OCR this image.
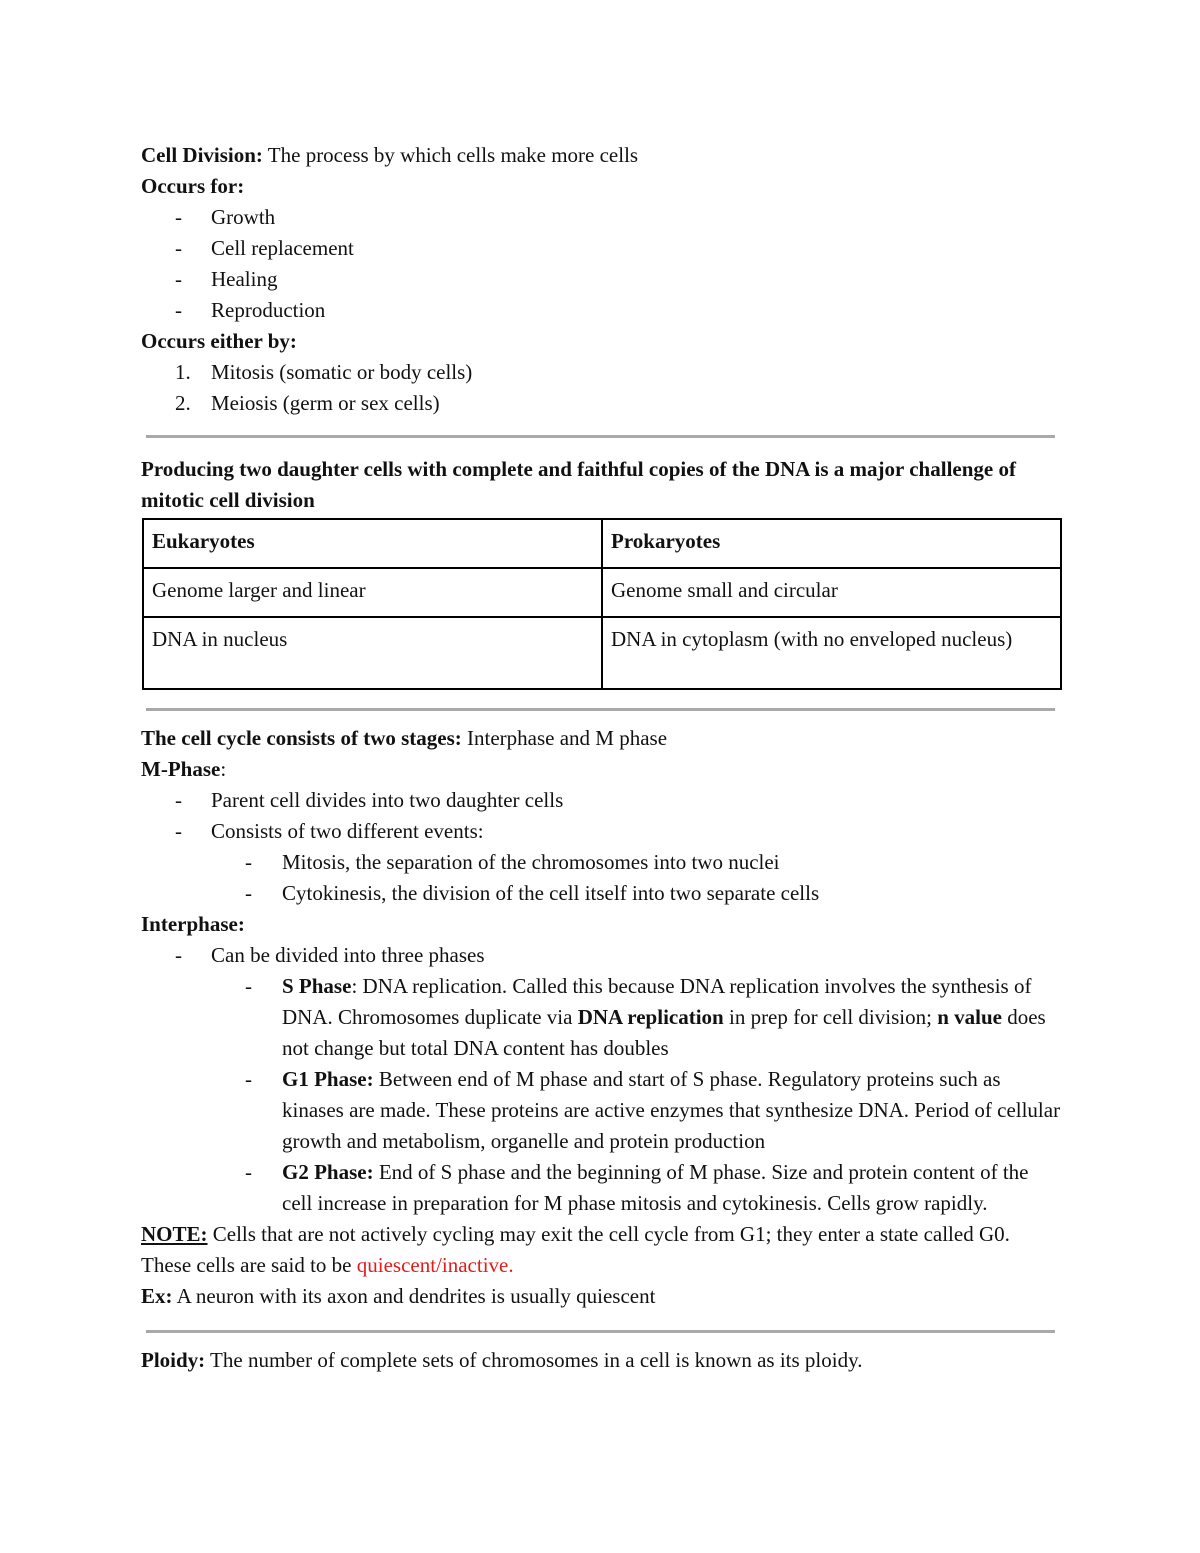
Cell Division: The process by which cells make more cells

Occurs for:

- Growth

- Cell replacement

- Healing

- Reproduction

Occurs either by:

1. Mitosis (somatic or body cells)

2. Meiosis (germ or sex cells)

Producing two daughter cells with complete and faithful copies of the DNA is a major challenge of mitotic cell division

Eukaryotes	Prokaryotes
Genome larger and linear	Genome small and circular
DNA in nucleus	DNA in cytoplasm (with no enveloped nucleus)

The cell cycle consists of two stages: Interphase and M phase

M-Phase:

- Parent cell divides into two daughter cells

- Consists of two different events:

- Mitosis, the separation of the chromosomes into two nuclei

- Cytokinesis, the division of the cell itself into two separate cells

Interphase:

- Can be divided into three phases

- S Phase: DNA replication. Called this because DNA replication involves the synthesis of DNA. Chromosomes duplicate via DNA replication in prep for cell division; n value does not change but total DNA content has doubles

- G1 Phase: Between end of M phase and start of S phase. Regulatory proteins such as kinases are made. These proteins are active enzymes that synthesize DNA. Period of cellular growth and metabolism, organelle and protein production

- G2 Phase: End of S phase and the beginning of M phase. Size and protein content of the cell increase in preparation for M phase mitosis and cytokinesis. Cells grow rapidly.

NOTE: Cells that are not actively cycling may exit the cell cycle from G1; they enter a state called G0. These cells are said to be quiescent/inactive.

Ex: A neuron with its axon and dendrites is usually quiescent

Ploidy: The number of complete sets of chromosomes in a cell is known as its ploidy.
